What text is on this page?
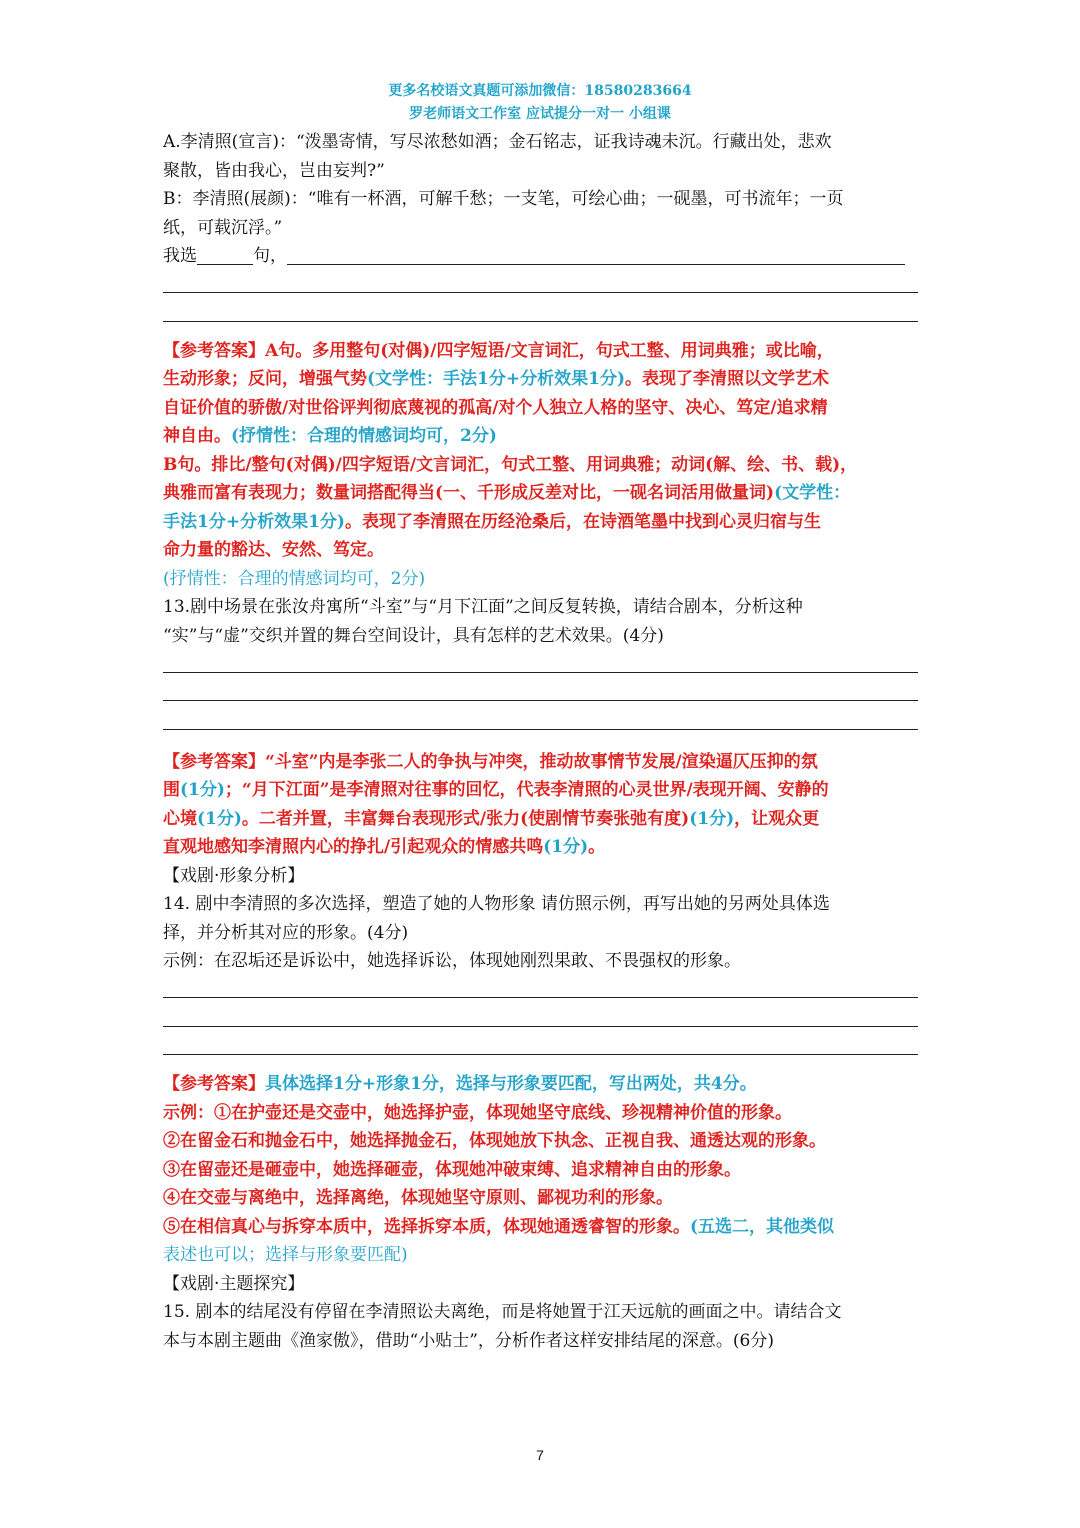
更多名校语文真题可添加微信：18580283664
罗老师语文工作室 应试提分一对一 小组课
A.李清照(宣言)：“泼墨寄情，写尽浓愁如酒；金石铭志，证我诗魂未沉。行藏出处，悲欢
聚散，皆由我心，岂由妄判?”
B：李清照(展颜)：“唯有一杯酒，可解千愁；一支笔，可绘心曲；一砚墨，可书流年；一页
纸，可载沉浮。”
我选	句，
【参考答案】A句。多用整句(对偶)/四字短语/文言词汇，句式工整、用词典雅；或比喻，
生动形象；反问，增强气势(文学性：手法1分+分析效果1分)。表现了李清照以文学艺术
自证价值的骄傲/对世俗评判彻底蔑视的孤高/对个人独立人格的坚守、决心、笃定/追求精
神自由。(抒情性：合理的情感词均可，2分)
B句。排比/整句(对偶)/四字短语/文言词汇，句式工整、用词典雅；动词(解、绘、书、载)，
典雅而富有表现力；数量词搭配得当(一、千形成反差对比，一砚名词活用做量词)(文学性：
手法1分+分析效果1分)。表现了李清照在历经沧桑后，在诗酒笔墨中找到心灵归宿与生
命力量的豁达、安然、笃定。
(抒情性：合理的情感词均可，2分)
13.剧中场景在张汝舟寓所“斗室”与“月下江面”之间反复转换，请结合剧本，分析这种
“实”与“虚”交织并置的舞台空间设计，具有怎样的艺术效果。(4分)
【参考答案】“斗室”内是李张二人的争执与冲突，推动故事情节发展/渲染逼仄压抑的氛
围(1分)；“月下江面”是李清照对往事的回忆，代表李清照的心灵世界/表现开阔、安静的
心境(1分)。二者并置，丰富舞台表现形式/张力(使剧情节奏张弛有度)(1分)，让观众更
直观地感知李清照内心的挣扎/引起观众的情感共鸣(1分)。
【戏剧·形象分析】
14. 剧中李清照的多次选择，塑造了她的人物形象 请仿照示例，再写出她的另两处具体选
择，并分析其对应的形象。(4分)
示例：在忍垢还是诉讼中，她选择诉讼，体现她刚烈果敢、不畏强权的形象。
【参考答案】具体选择1分+形象1分，选择与形象要匹配，写出两处，共4分。
示例：①在护壶还是交壶中，她选择护壶，体现她坚守底线、珍视精神价值的形象。
②在留金石和抛金石中，她选择抛金石，体现她放下执念、正视自我、通透达观的形象。
③在留壶还是砸壶中，她选择砸壶，体现她冲破束缚、追求精神自由的形象。
④在交壶与离绝中，选择离绝，体现她坚守原则、鄙视功利的形象。
⑤在相信真心与拆穿本质中，选择拆穿本质，体现她通透睿智的形象。(五选二，其他类似
表述也可以；选择与形象要匹配)
【戏剧·主题探究】
15. 剧本的结尾没有停留在李清照讼夫离绝，而是将她置于江天远航的画面之中。请结合文
本与本剧主题曲《渔家傲》，借助“小贴士”，分析作者这样安排结尾的深意。(6分)
7
